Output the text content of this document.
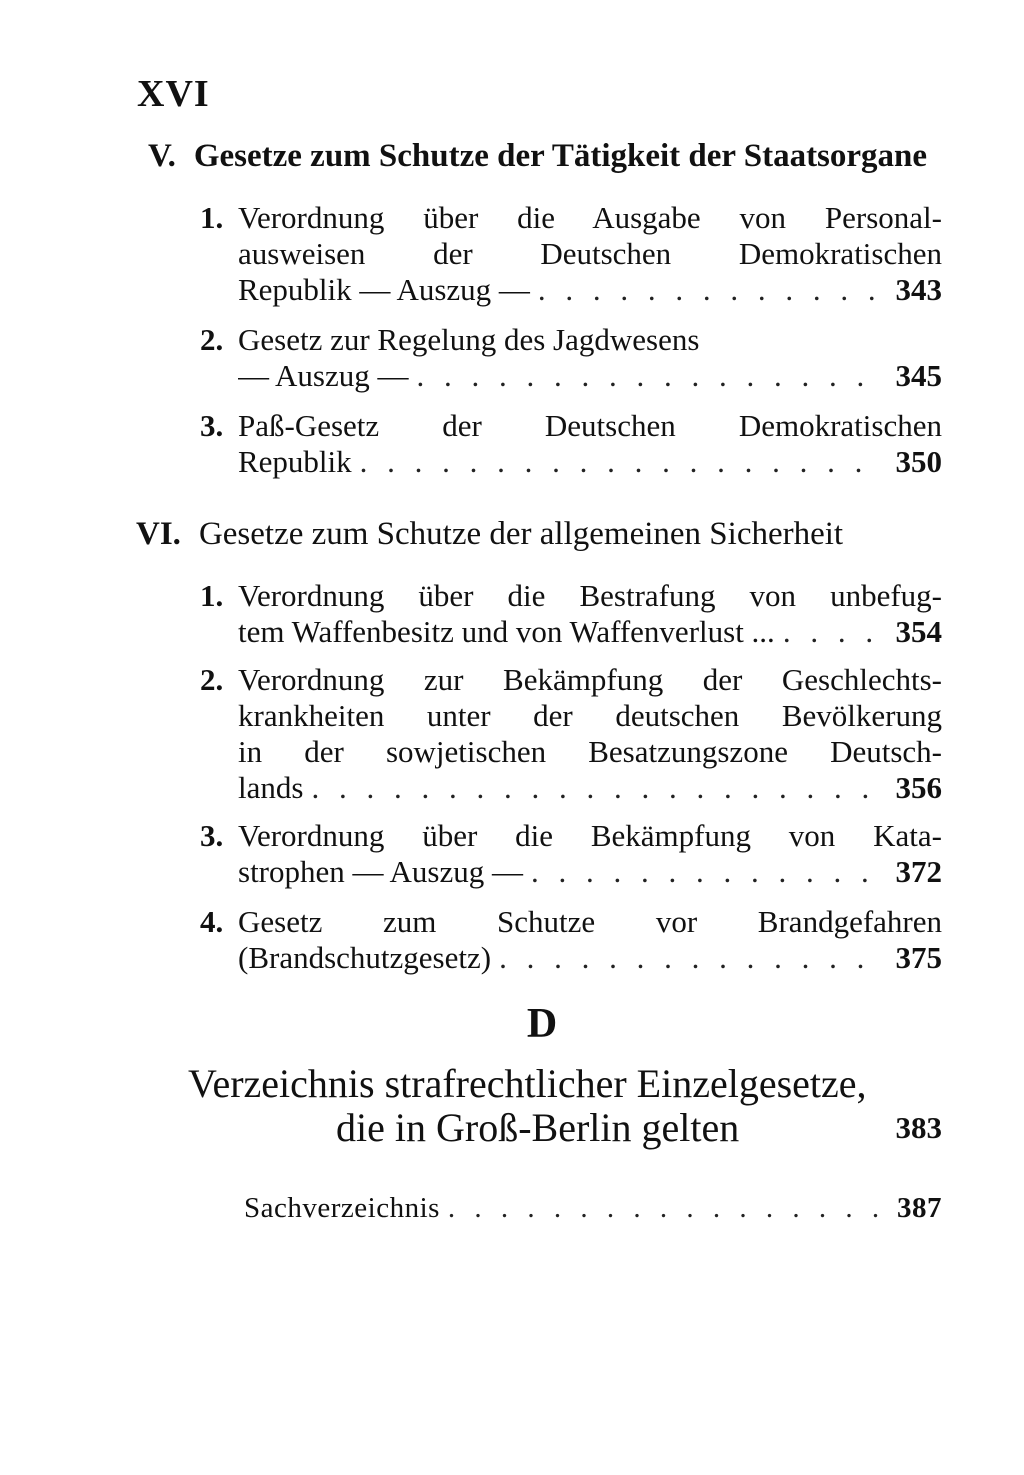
XVI
V. Gesetze zum Schutze der Tätigkeit der Staatsorgane
1. Verordnung über die Ausgabe von Personal-
ausweisen der Deutschen Demokratischen
Republik — Auszug — . . .	343
2. Gesetz zur Regelung des Jagdwesens
— Auszug — . . .	345
3. Paß-Gesetz der Deutschen Demokratischen
Republik . . .	350
VI. Gesetze zum Schutze der allgemeinen Sicherheit
1. Verordnung über die Bestrafung von unbefug-
tem Waffenbesitz und von Waffenverlust ... . . .	354
2. Verordnung zur Bekämpfung der Geschlechts-
krankheiten unter der deutschen Bevölkerung
in der sowjetischen Besatzungszone Deutsch-
lands . . .	356
3. Verordnung über die Bekämpfung von Kata-
strophen — Auszug — . . .	372
4. Gesetz zum Schutze vor Brandgefahren
(Brandschutzgesetz) . . .	375
D
Verzeichnis strafrechtlicher Einzelgesetze,
die in Groß-Berlin gelten	383
Sachverzeichnis . . .	387
